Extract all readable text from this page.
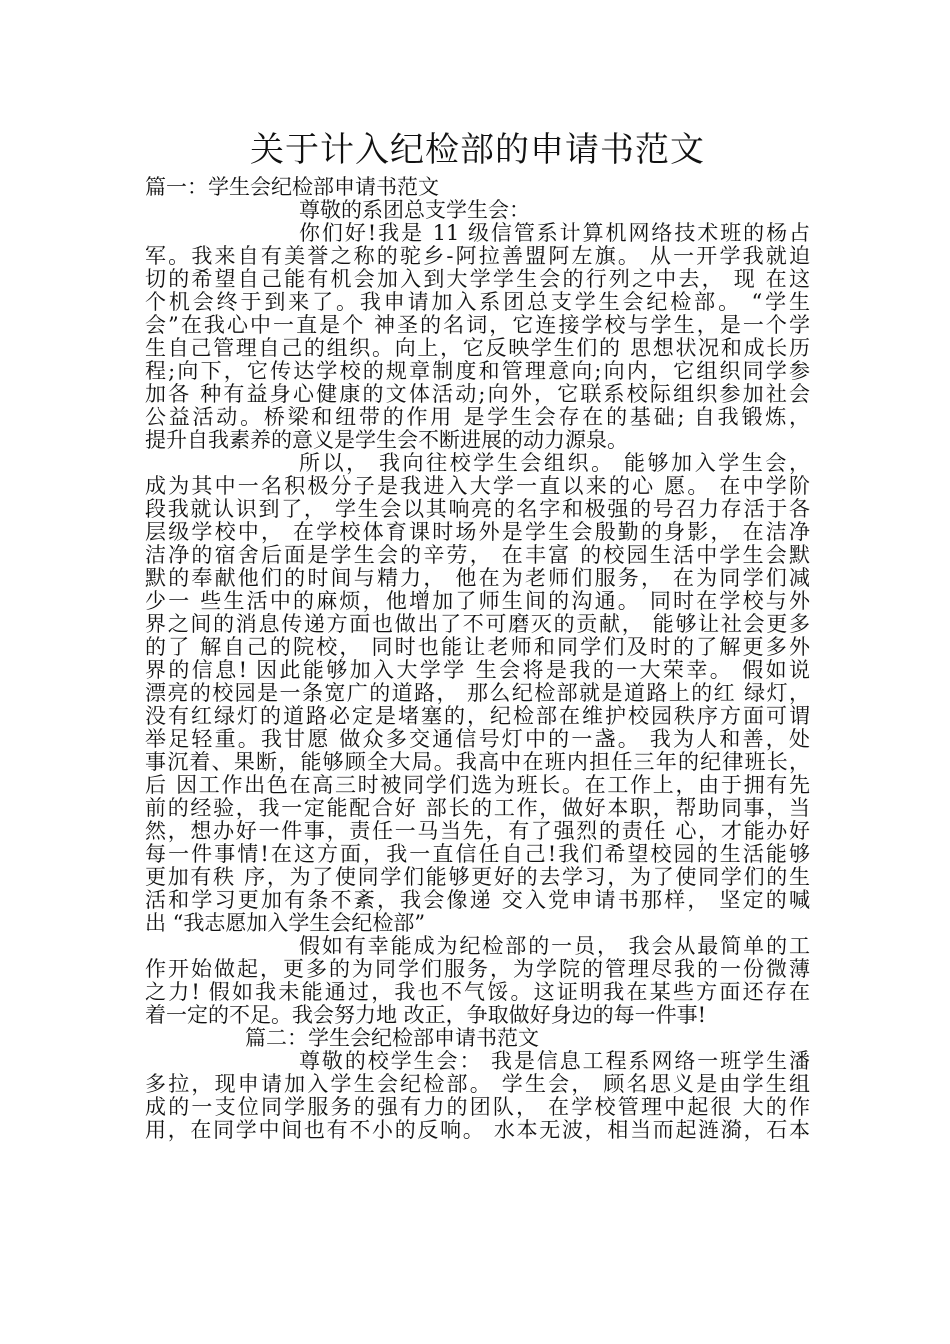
关于计入纪检部的申请书范文
篇一：学生会纪检部申请书范文
尊敬的系团总支学生会：
你们好!我是 11 级信管系计算机网络技术班的杨占
军。我来自有美誉之称的驼乡-阿拉善盟阿左旗。 从一开学我就迫
切的希望自己能有机会加入到大学学生会的行列之中去， 现 在这
个机会终于到来了。我申请加入系团总支学生会纪检部。 “学生
会”在我心中一直是个 神圣的名词，它连接学校与学生，是一个学
生自己管理自己的组织。向上，它反映学生们的 思想状况和成长历
程;向下，它传达学校的规章制度和管理意向;向内，它组织同学参
加各 种有益身心健康的文体活动;向外，它联系校际组织参加社会
公益活动。桥梁和纽带的作用 是学生会存在的基础; 自我锻炼，
提升自我素养的意义是学生会不断进展的动力源泉。
所以， 我向往校学生会组织。 能够加入学生会，
成为其中一名积极分子是我进入大学一直以来的心 愿。 在中学阶
段我就认识到了， 学生会以其响亮的名字和极强的号召力存活于各
层级学校中， 在学校体育课时场外是学生会殷勤的身影， 在洁净
洁净的宿舍后面是学生会的辛劳， 在丰富 的校园生活中学生会默
默的奉献他们的时间与精力， 他在为老师们服务， 在为同学们减
少一 些生活中的麻烦，他增加了师生间的沟通。 同时在学校与外
界之间的消息传递方面也做出了不可磨灭的贡献， 能够让社会更多
的了 解自己的院校， 同时也能让老师和同学们及时的了解更多外
界的信息! 因此能够加入大学学 生会将是我的一大荣幸。 假如说
漂亮的校园是一条宽广的道路， 那么纪检部就是道路上的红 绿灯，
没有红绿灯的道路必定是堵塞的，纪检部在维护校园秩序方面可谓
举足轻重。我甘愿 做众多交通信号灯中的一盏。 我为人和善，处
事沉着、果断，能够顾全大局。我高中在班内担任三年的纪律班长，
后 因工作出色在高三时被同学们选为班长。在工作上，由于拥有先
前的经验，我一定能配合好 部长的工作，做好本职，帮助同事，当
然，想办好一件事，责任一马当先，有了强烈的责任 心，才能办好
每一件事情!在这方面，我一直信任自己!我们希望校园的生活能够
更加有秩 序，为了使同学们能够更好的去学习，为了使同学们的生
活和学习更加有条不紊，我会像递 交入党申请书那样， 坚定的喊
出 “我志愿加入学生会纪检部”
假如有幸能成为纪检部的一员， 我会从最简单的工
作开始做起，更多的为同学们服务，为学院的管理尽我的一份微薄
之力! 假如我未能通过，我也不气馁。这证明我在某些方面还存在
着一定的不足。我会努力地 改正，争取做好身边的每一件事!
篇二：学生会纪检部申请书范文
尊敬的校学生会： 我是信息工程系网络一班学生潘
多拉，现申请加入学生会纪检部。 学生会， 顾名思义是由学生组
成的一支位同学服务的强有力的团队， 在学校管理中起很 大的作
用，在同学中间也有不小的反响。 水本无波，相当而起涟漪，石本
